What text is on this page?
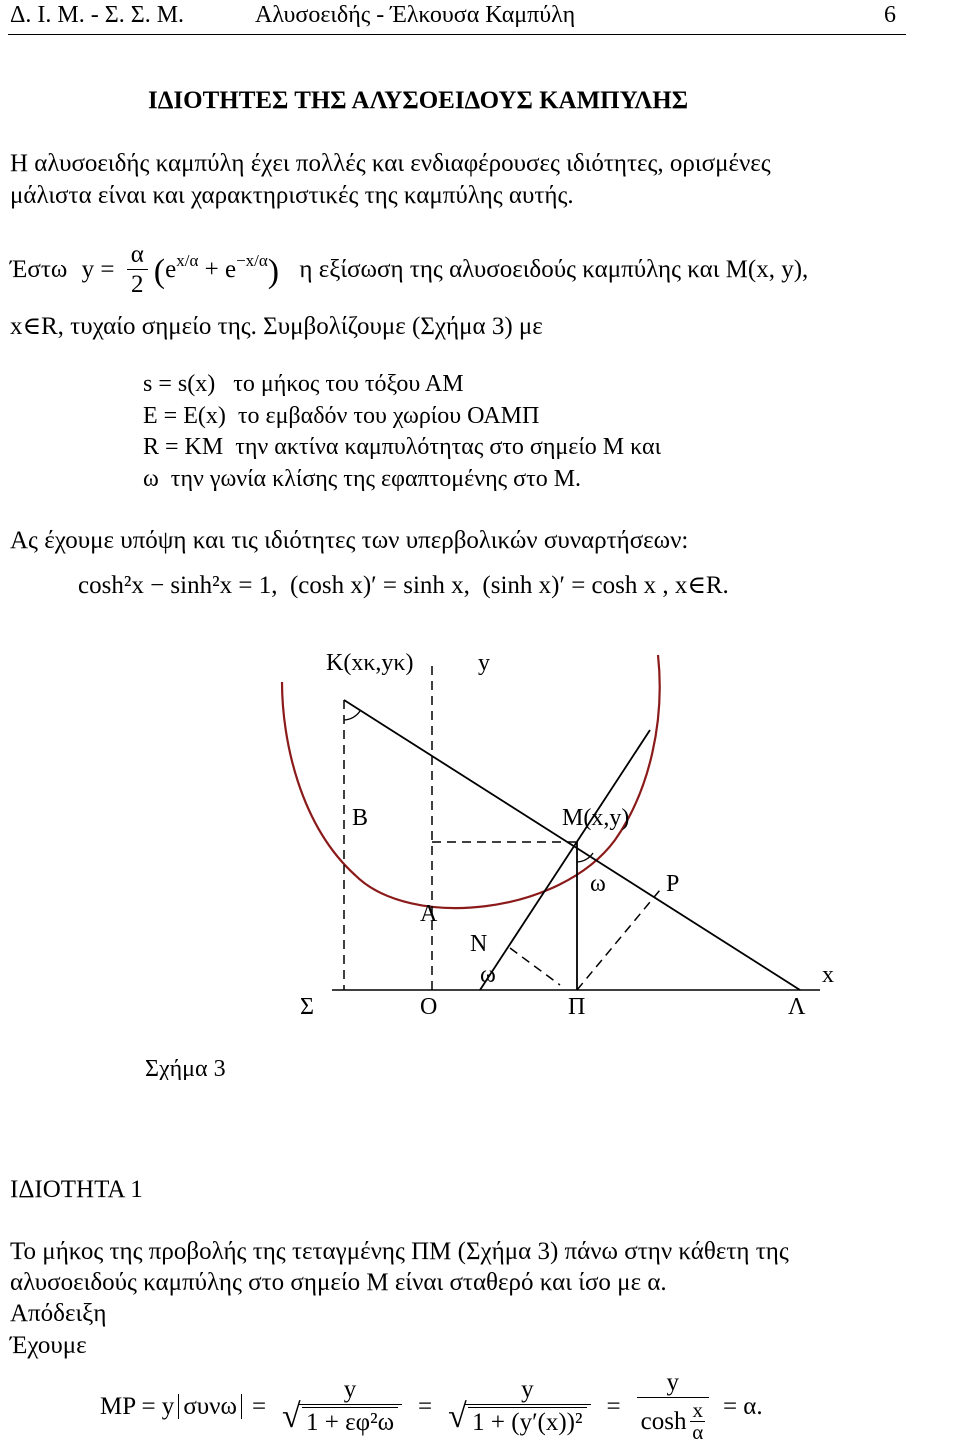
Δ. Ι. Μ. - Σ. Σ. Μ.	Αλυσοειδής - Έλκουσα Καμπύλη	6
ΙΔΙΟΤΗΤΕΣ ΤΗΣ ΑΛΥΣΟΕΙΔΟΥΣ ΚΑΜΠΥΛΗΣ
Η αλυσοειδής καμπύλη έχει πολλές και ενδιαφέρουσες ιδιότητες, ορισμένες
μάλιστα είναι και χαρακτηριστικές της καμπύλης αυτής.
Έστω $y = \frac{\alpha}{2} (e^{x/\alpha} + e^{-x/\alpha})$ η εξίσωση της αλυσοειδούς καμπύλης και Μ(x, y),
x∈R, τυχαίο σημείο της. Συμβολίζουμε (Σχήμα 3) με
s = s(x)   το μήκος του τόξου ΑΜ
E = E(x)  το εμβαδόν του χωρίου ΟΑΜΠ
R = KM  την ακτίνα καμπυλότητας στο σημείο Μ και
ω  την γωνία κλίσης της εφαπτομένης στο Μ.
Ας έχουμε υπόψη και τις ιδιότητες των υπερβολικών συναρτήσεων:
cosh²x − sinh²x = 1,  (cosh x)′ = sinh x,  (sinh x)′ = cosh x , x∈R.
K(xκ,yκ)	y
B	M(x,y)
ω	P
A
N
ω	x
Σ	O	Π	Λ
Σχήμα 3
ΙΔΙΟΤΗΤΑ 1
Το μήκος της προβολής της τεταγμένης ΠΜ (Σχήμα 3) πάνω στην κάθετη της
αλυσοειδούς καμπύλης στο σημείο Μ είναι σταθερό και ίσο με α.
Απόδειξη
Έχουμε
MP = y συνω = y
√ 1 + εφ²ω = y
√ 1 + (y′(x))² = y
cosh x
α = α.
